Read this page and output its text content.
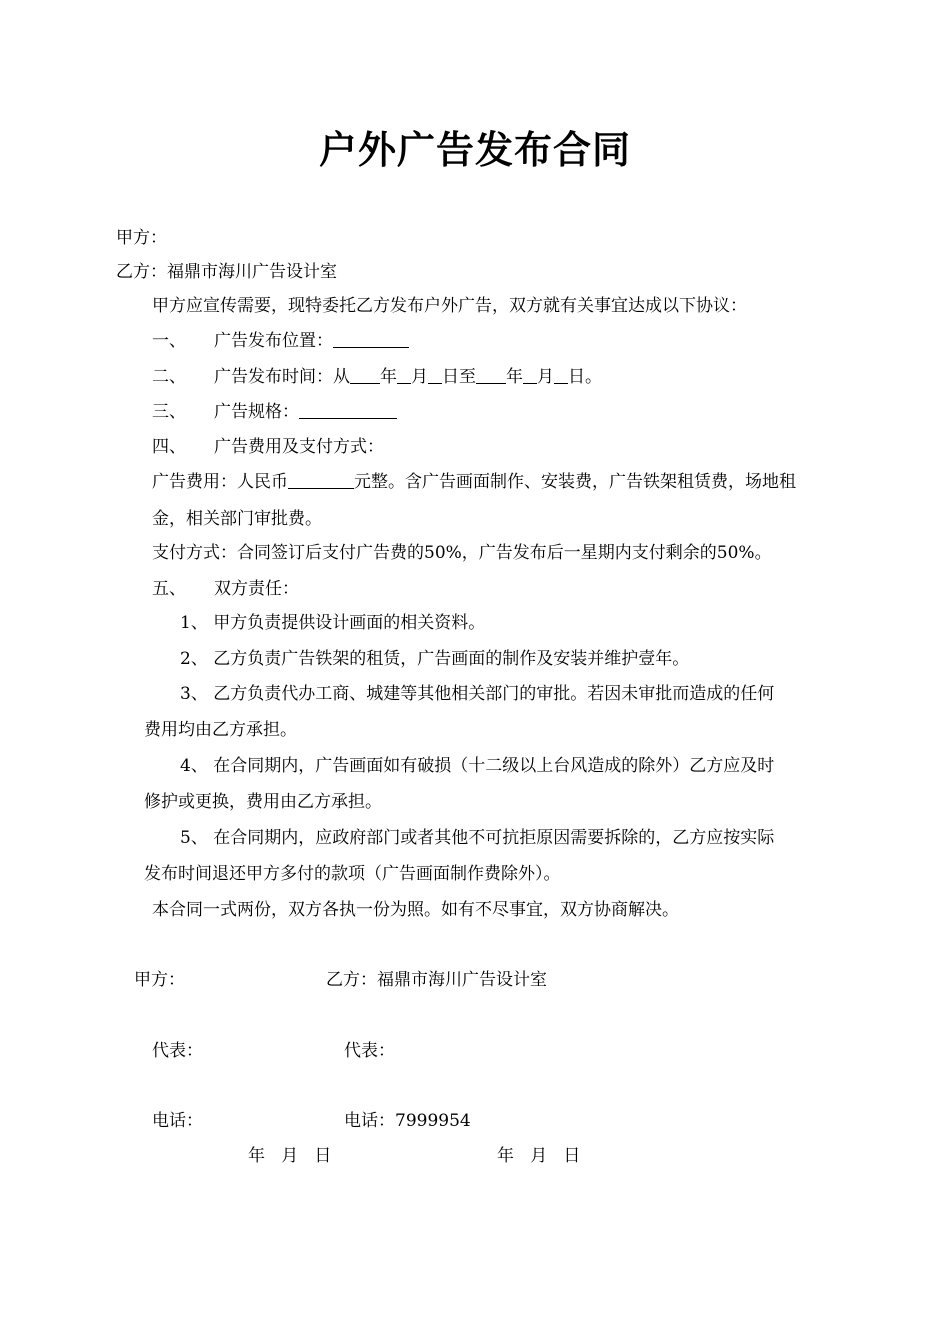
户外广告发布合同
甲方：
乙方：福鼎市海川广告设计室
甲方应宣传需要，现特委托乙方发布户外广告，双方就有关事宜达成以下协议：
一、 广告发布位置：
二、 广告发布时间：从 年 月 日至 年 月 日。
三、 广告规格：
四、 广告费用及支付方式：
广告费用：人民币	元整。含广告画面制作、安装费，广告铁架租赁费，场地租
金，相关部门审批费。
支付方式：合同签订后支付广告费的50%，广告发布后一星期内支付剩余的50%。
五、 双方责任：
1、 甲方负责提供设计画面的相关资料。
2、 乙方负责广告铁架的租赁，广告画面的制作及安装并维护壹年。
3、 乙方负责代办工商、城建等其他相关部门的审批。若因未审批而造成的任何
费用均由乙方承担。
4、 在合同期内，广告画面如有破损（十二级以上台风造成的除外）乙方应及时
修护或更换，费用由乙方承担。
5、 在合同期内，应政府部门或者其他不可抗拒原因需要拆除的，乙方应按实际
发布时间退还甲方多付的款项（广告画面制作费除外）。
本合同一式两份，双方各执一份为照。如有不尽事宜，双方协商解决。
甲方：	乙方：福鼎市海川广告设计室
代表：	代表：
电话：	电话：7999954
年   月   日	年   月   日
